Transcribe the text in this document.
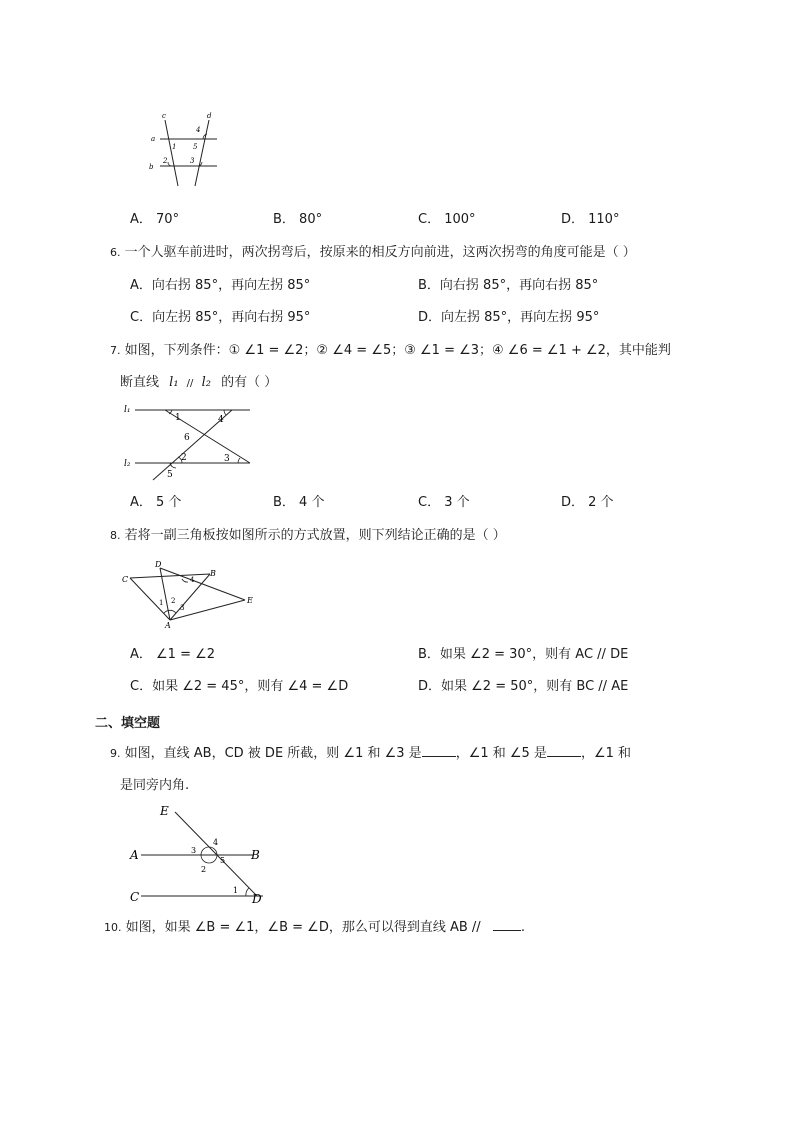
c	d
a
b
1
2	3
4
5
A． 70°	B． 80°	C． 100°	D． 110°
6. 一个人驱车前进时，两次拐弯后，按原来的相反方向前进，这两次拐弯的角度可能是（ ）
A．向右拐 85°，再向左拐 85°	B．向右拐 85°，再向右拐 85°
C．向左拐 85°，再向右拐 95°	D．向左拐 85°，再向左拐 95°
7. 如图，下列条件：① ∠1 = ∠2；② ∠4 = ∠5；③ ∠1 = ∠3；④ ∠6 = ∠1 + ∠2，其中能判
断直线 l₁ // l₂ 的有（ ）
l₁
l₂
1
2	3
4
5
6
A． 5 个	B． 4 个	C． 3 个	D． 2 个
8. 若将一副三角板按如图所示的方式放置，则下列结论正确的是（ ）
C
D
B
E
A
1 2
3
4
A． ∠1 = ∠2	B．如果 ∠2 = 30°，则有 AC // DE
C．如果 ∠2 = 45°，则有 ∠4 = ∠D	D．如果 ∠2 = 50°，则有 BC // AE
二、填空题
9. 如图，直线 AB，CD 被 DE 所截，则 ∠1 和 ∠3 是	，∠1 和 ∠5 是	，∠1 和
是同旁内角.
E
A	B
C	D
1
2
3
4
5
10. 如图，如果 ∠B = ∠1，∠B = ∠D，那么可以得到直线 AB //	.
